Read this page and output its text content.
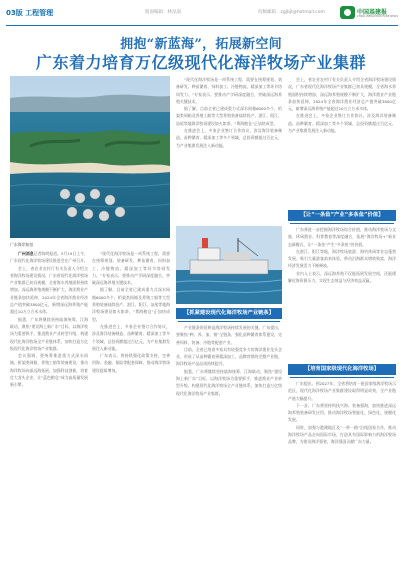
03版 工程管理	版面编辑：林泓崩	投稿邮箱：zgjbjl@hotmail.com	中国基建报
CHINA INFRASTRUCTURE NEWS
拥抱“新蓝海”，拓展新空间
广东着力培育万亿级现代化海洋牧场产业集群
广东海岸航拍

广州消息记者陈明报道。5月19日上午，广东现代化海洋牧场建设推进会在广州召开。

会上，省农业农村厅有关负责人介绍全省海洋牧场建设情况，广东省现代化海洋牧场产业集群已初具规模，全省海水养殖面积持续增加，深远海养殖规模不断扩大，海洋渔业产业链条加快延伸，2024年全省海洋渔业经济总产值突破3800亿元，新增深远海养殖产能超过10万立方米水体。

据悉，广东将继续坚持陆海统筹、江海联动，聚焦“建设海上新广东”目标，以海洋牧场为重要抓手，推进渔业产业转型升级，构建现代化海洋牧场全产业链体系，加快打造万亿级现代化海洋牧场产业集群。

会议强调，要统筹推进重力式深水网箱、桁架类网箱、养殖工船等装备建设，推动海洋牧场向深远海拓展，加强科技创新，培育壮大龙头企业，让“蓝色粮仓”成为高质量发展新引擎。

“现代化海洋牧场是一项系统工程，需要在统筹规划、装备研发、种苗繁育、饲料加工、冷链物流、精深加工等环节协同发力。”专家表示，要推动产学研深度融合，突破深远海养殖关键技术。

据了解，目前全省已建成重力式深水网箱6000多个，桁架类网箱及养殖工船等大型养殖装备陆续投产，湛江、阳江、汕尾等地海洋牧场建设如火如荼，“粤海粮仓”正加快成型。

在推进会上，多家企业签订合作协议，涉及海洋装备制造、苗种繁育、精深加工等多个领域，总投资额超过百亿元，为产业集群发展注入新动能。

广东表示，将持续强化政策支持，完善用海、金融、保险等配套保障，推动海洋牧场建设提质增效。

“现代化海洋牧场是一项系统工程，需要在统筹规划、装备研发、种苗繁育、饲料加工、冷链物流、精深加工等环节协同发力。”专家表示，要推动产学研深度融合，突破深远海养殖关键技术。

据了解，目前全省已建成重力式深水网箱6000多个，桁架类网箱及养殖工船等大型养殖装备陆续投产，湛江、阳江、汕尾等地海洋牧场建设如火如荼，“粤海粮仓”正加快成型。

在推进会上，多家企业签订合作协议，涉及海洋装备制造、苗种繁育、精深加工等多个领域，总投资额超过百亿元，为产业集群发展注入新动能。

【抓紧建设现代化海洋牧场产业链条】

产业链条的延伸是海洋牧场持续发展的关键。广东提出，要聚焦“种、养、加、销”全链条，强化苗种繁育体系建设，完善饲料、装备、冷链等配套产业。

目前，全省已培育多家具有较强竞争力的海洋渔业龙头企业，形成了从苗种繁育到精深加工、品牌营销的完整产业链，海洋牧场产品品质持续提升。

据悉，广东将继续坚持陆海统筹、江海联动，聚焦“建设海上新广东”目标，以海洋牧场为重要抓手，推进渔业产业转型升级，构建现代化海洋牧场全产业链体系，加快打造万亿级现代化海洋牧场产业集群。

会上，省农业农村厅有关负责人介绍全省海洋牧场建设情况，广东省现代化海洋牧场产业集群已初具规模，全省海水养殖面积持续增加，深远海养殖规模不断扩大，海洋渔业产业链条加快延伸，2024年全省海洋渔业经济总产值突破3800亿元，新增深远海养殖产能超过10万立方米水体。

在推进会上，多家企业签订合作协议，涉及海洋装备制造、苗种繁育、精深加工等多个领域，总投资额超过百亿元，为产业集群发展注入新动能。

【让“一条鱼”产业“多条鱼”价值】

广东将进一步挖掘海洋牧场综合价值，推动海洋牧场与文旅、休闲渔业、科普教育等深度融合，拓展“海洋牧场+”新业态新模式，让“一条鱼”产生“多条鱼”的价值。

在湛江、阳江等地，海洋牧场旅游、海钓休闲等业态蓬勃发展，吸引大量游客前来体验，带动沿海群众增收致富，海洋经济发展活力不断释放。

业内人士表示，深远海养殖不仅能拓展发展空间，还能缓解近海资源压力，实现生态效益与经济效益双赢。

【培育国家级现代化海洋牧场】

广东提出，到2027年，全省将培育一批国家级海洋牧场示范区，现代化海洋牧场产业集群建设取得明显成效，全产业链产值大幅提升。

下一步，广东将坚持科技兴海、装备强海，加快推进深远海养殖装备研发应用，推动海洋牧场智能化、绿色化、规模化发展。

同时，加强与港澳地区及“一带一路”沿线国家合作，推动海洋牧场产品走向国际市场，打造具有国际影响力的海洋牧场品牌，为建设海洋强省、海洋强国贡献广东力量。
